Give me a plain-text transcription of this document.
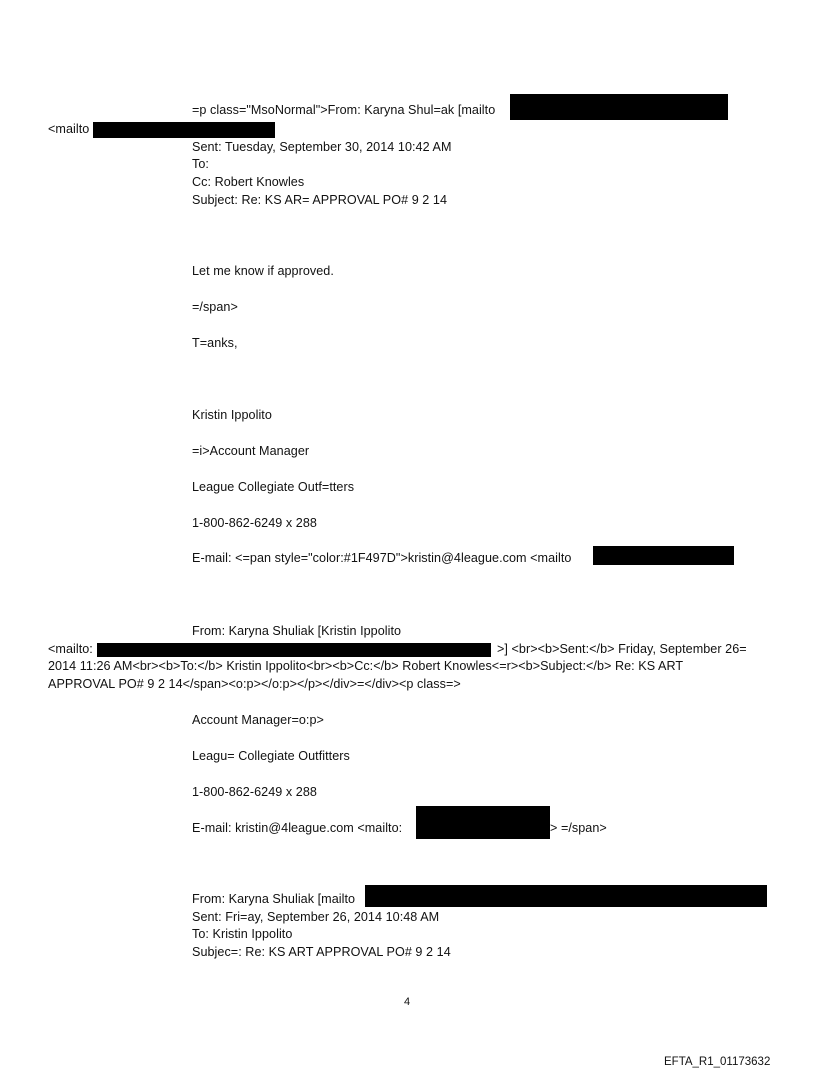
=p class="MsoNormal">From: Karyna Shul=ak [mailto
<mailto
Sent: Tuesday, September 30, 2014 10:42 AM
To:
Cc: Robert Knowles
Subject: Re: KS AR= APPROVAL PO# 9 2 14
Let me know if approved.
=/span>
T=anks,
Kristin Ippolito
=i>Account Manager
League Collegiate Outf=tters
1-800-862-6249 x 288
E-mail: <=pan style="color:#1F497D">kristin@4league.com <mailto
From: Karyna Shuliak [Kristin Ippolito
<mailto:	>] <br><b>Sent:</b> Friday, September 26=
2014 11:26 AM<br><b>To:</b> Kristin Ippolito<br><b>Cc:</b> Robert Knowles<=r><b>Subject:</b> Re: KS ART
APPROVAL PO# 9 2 14</span><o:p></o:p></p></div>=</div><p class=>
Account Manager=o:p>
Leagu= Collegiate Outfitters
1-800-862-6249 x 288
E-mail: kristin@4league.com <mailto:	> =/span>
From: Karyna Shuliak [mailto
Sent: Fri=ay, September 26, 2014 10:48 AM
To: Kristin Ippolito
Subjec=: Re: KS ART APPROVAL PO# 9 2 14
4
EFTA_R1_01173632
